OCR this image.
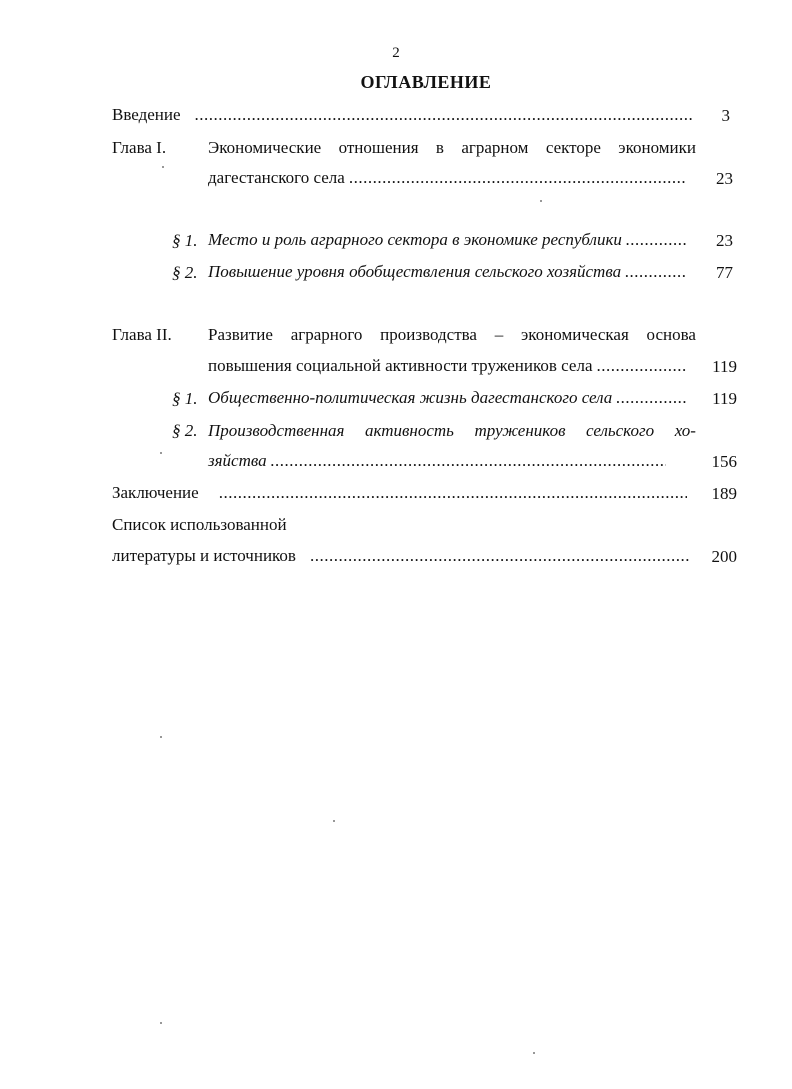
2
ОГЛАВЛЕНИЕ
Введение .....	3
Глава I. Экономические отношения в аграрном секторе экономики
дагестанского села .....	23
§ 1. Место и роль аграрного сектора в экономике республики .....	23
§ 2. Повышение уровня обобществления сельского хозяйства .....	77
Глава II. Развитие аграрного производства – экономическая основа
повышения социальной активности тружеников села .....	119
§ 1. Общественно-политическая жизнь дагестанского села .....	119
§ 2. Производственная активность тружеников сельского хо-
зяйства .....	156
Заключение .....	189
Список использованной
литературы и источников .....	200
